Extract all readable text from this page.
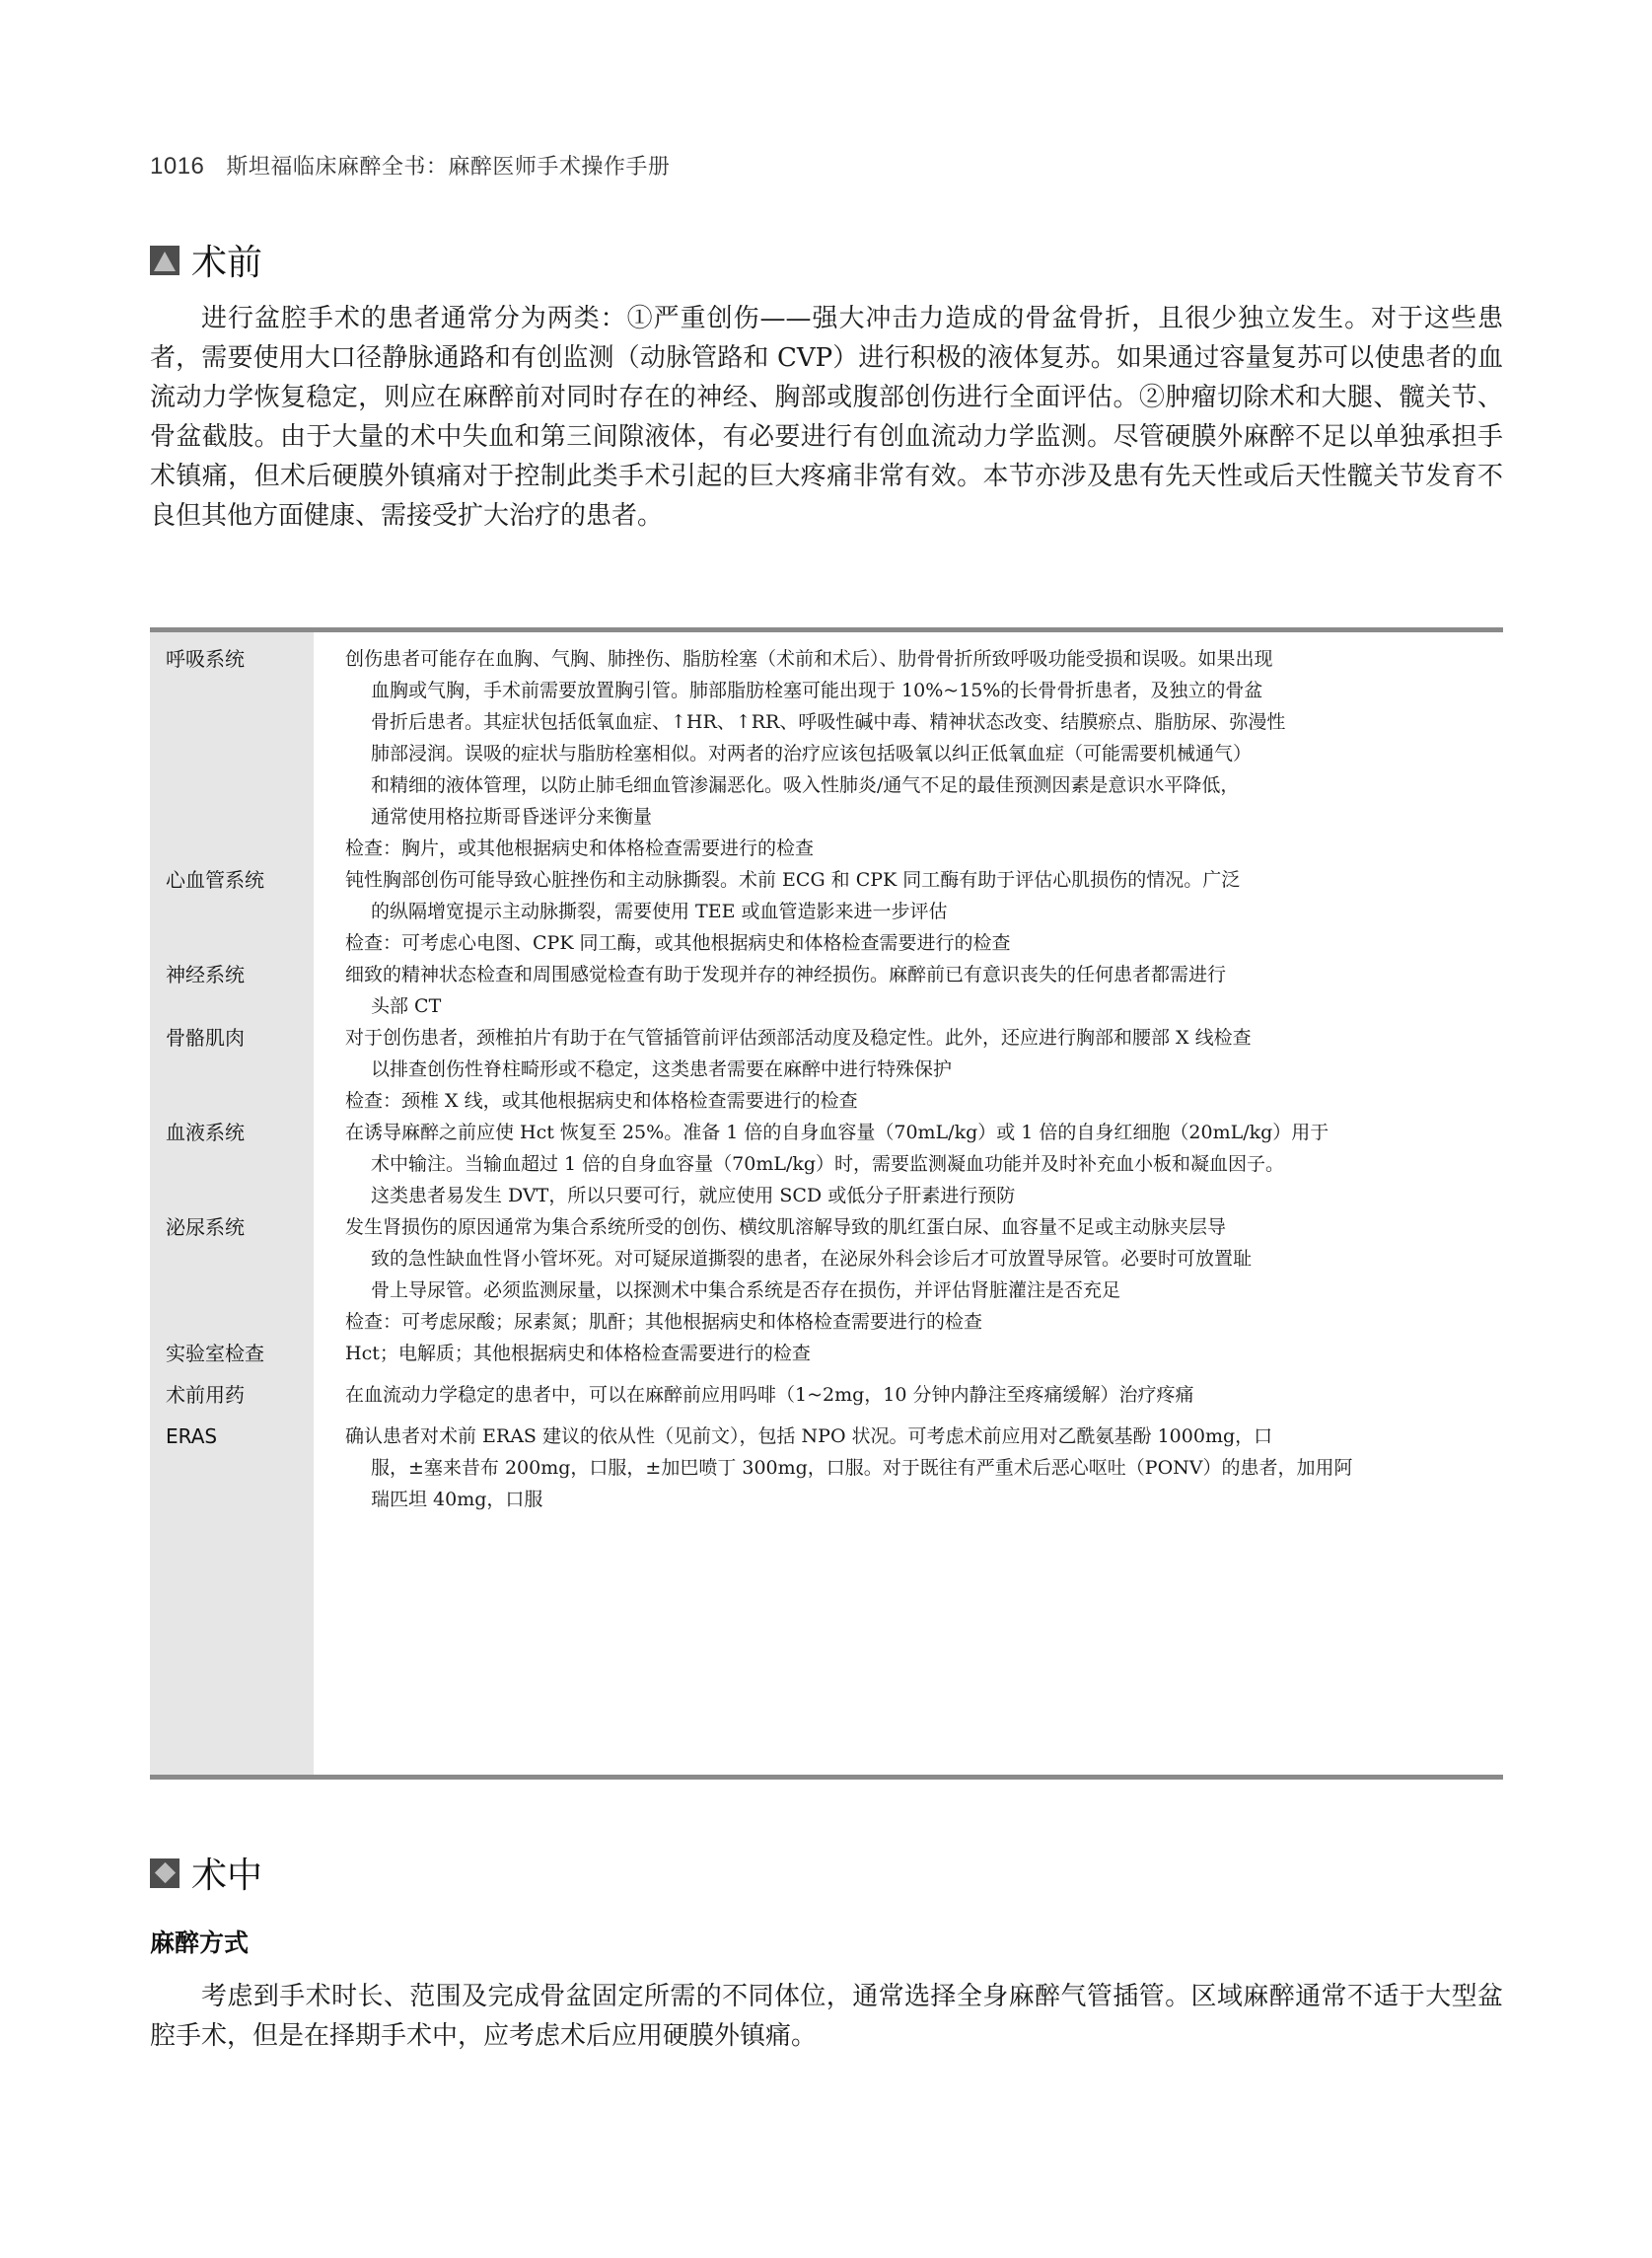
1016 斯坦福临床麻醉全书：麻醉医师手术操作手册
术前
进行盆腔手术的患者通常分为两类：①严重创伤——强大冲击力造成的骨盆骨折，且很少独立发生。对于这些患者，需要使用大口径静脉通路和有创监测（动脉管路和 CVP）进行积极的液体复苏。如果通过容量复苏可以使患者的血流动力学恢复稳定，则应在麻醉前对同时存在的神经、胸部或腹部创伤进行全面评估。②肿瘤切除术和大腿、髋关节、骨盆截肢。由于大量的术中失血和第三间隙液体，有必要进行有创血流动力学监测。尽管硬膜外麻醉不足以单独承担手术镇痛，但术后硬膜外镇痛对于控制此类手术引起的巨大疼痛非常有效。本节亦涉及患有先天性或后天性髋关节发育不良但其他方面健康、需接受扩大治疗的患者。
呼吸系统	创伤患者可能存在血胸、气胸、肺挫伤、脂肪栓塞（术前和术后）、肋骨骨折所致呼吸功能受损和误吸。如果出现
血胸或气胸，手术前需要放置胸引管。肺部脂肪栓塞可能出现于 10%~15%的长骨骨折患者，及独立的骨盆
骨折后患者。其症状包括低氧血症、↑HR、↑RR、呼吸性碱中毒、精神状态改变、结膜瘀点、脂肪尿、弥漫性
肺部浸润。误吸的症状与脂肪栓塞相似。对两者的治疗应该包括吸氧以纠正低氧血症（可能需要机械通气）
和精细的液体管理，以防止肺毛细血管渗漏恶化。吸入性肺炎/通气不足的最佳预测因素是意识水平降低，
通常使用格拉斯哥昏迷评分来衡量
检查：胸片，或其他根据病史和体格检查需要进行的检查
心血管系统	钝性胸部创伤可能导致心脏挫伤和主动脉撕裂。术前 ECG 和 CPK 同工酶有助于评估心肌损伤的情况。广泛
的纵隔增宽提示主动脉撕裂，需要使用 TEE 或血管造影来进一步评估
检查：可考虑心电图、CPK 同工酶，或其他根据病史和体格检查需要进行的检查
神经系统	细致的精神状态检查和周围感觉检查有助于发现并存的神经损伤。麻醉前已有意识丧失的任何患者都需进行
头部 CT
骨骼肌肉	对于创伤患者，颈椎拍片有助于在气管插管前评估颈部活动度及稳定性。此外，还应进行胸部和腰部 X 线检查
以排查创伤性脊柱畸形或不稳定，这类患者需要在麻醉中进行特殊保护
检查：颈椎 X 线，或其他根据病史和体格检查需要进行的检查
血液系统	在诱导麻醉之前应使 Hct 恢复至 25%。准备 1 倍的自身血容量（70mL/kg）或 1 倍的自身红细胞（20mL/kg）用于
术中输注。当输血超过 1 倍的自身血容量（70mL/kg）时，需要监测凝血功能并及时补充血小板和凝血因子。
这类患者易发生 DVT，所以只要可行，就应使用 SCD 或低分子肝素进行预防
泌尿系统	发生肾损伤的原因通常为集合系统所受的创伤、横纹肌溶解导致的肌红蛋白尿、血容量不足或主动脉夹层导
致的急性缺血性肾小管坏死。对可疑尿道撕裂的患者，在泌尿外科会诊后才可放置导尿管。必要时可放置耻
骨上导尿管。必须监测尿量，以探测术中集合系统是否存在损伤，并评估肾脏灌注是否充足
检查：可考虑尿酸；尿素氮；肌酐；其他根据病史和体格检查需要进行的检查
实验室检查	Hct；电解质；其他根据病史和体格检查需要进行的检查
术前用药	在血流动力学稳定的患者中，可以在麻醉前应用吗啡（1~2mg，10 分钟内静注至疼痛缓解）治疗疼痛
ERAS	确认患者对术前 ERAS 建议的依从性（见前文），包括 NPO 状况。可考虑术前应用对乙酰氨基酚 1000mg，口
服，±塞来昔布 200mg，口服，±加巴喷丁 300mg，口服。对于既往有严重术后恶心呕吐（PONV）的患者，加用阿
瑞匹坦 40mg，口服
术中
麻醉方式
考虑到手术时长、范围及完成骨盆固定所需的不同体位，通常选择全身麻醉气管插管。区域麻醉通常不适于大型盆腔手术，但是在择期手术中，应考虑术后应用硬膜外镇痛。
